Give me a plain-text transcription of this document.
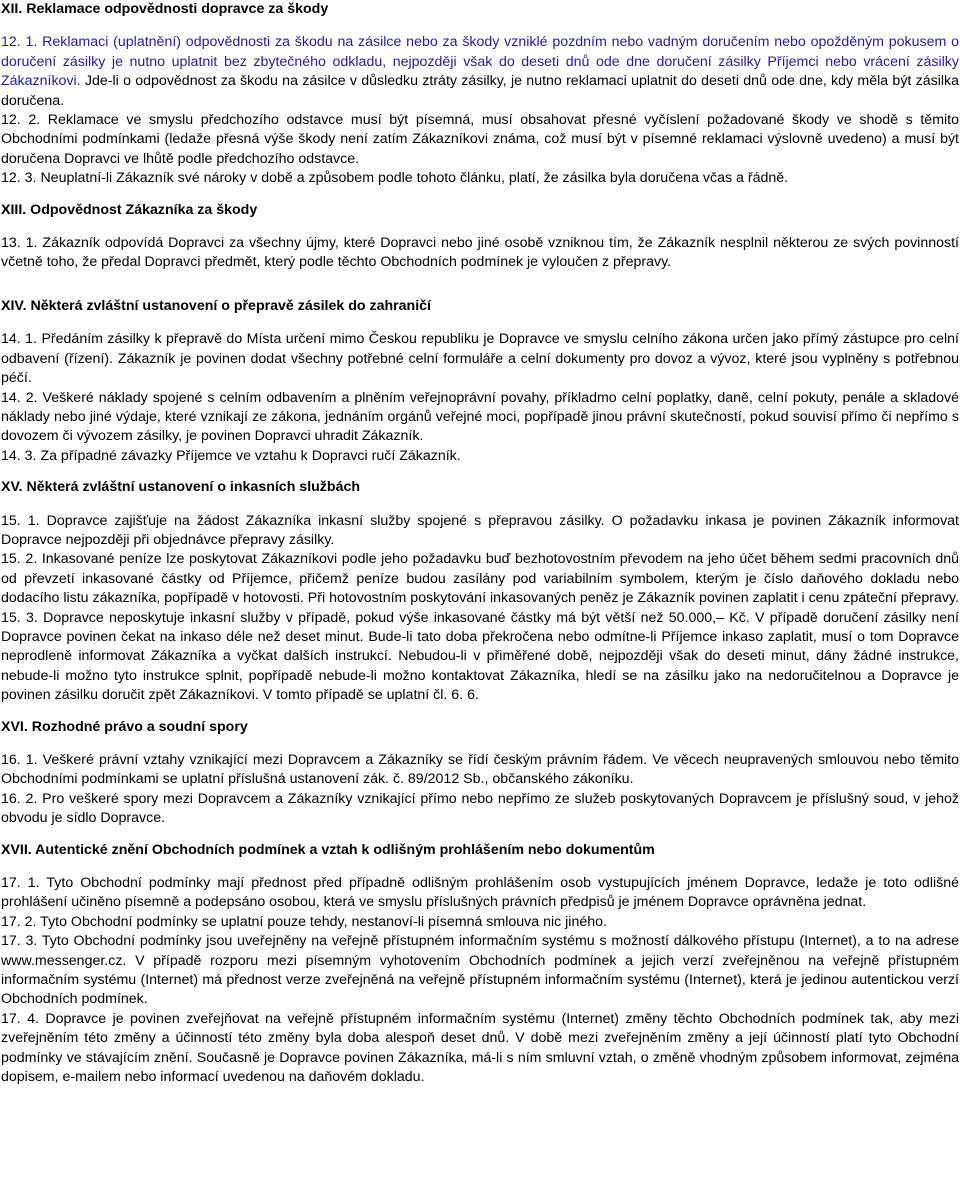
XII. Reklamace odpovědnosti dopravce za škody

12. 1. Reklamaci (uplatnění) odpovědnosti za škodu na zásilce nebo za škody vzniklé pozdním nebo vadným doručením nebo opožděným pokusem o doručení zásilky je nutno uplatnit bez zbytečného odkladu, nejpozději však do deseti dnů ode dne doručení zásilky Příjemci nebo vrácení zásilky Zákazníkovi. Jde-li o odpovědnost za škodu na zásilce v důsledku ztráty zásilky, je nutno reklamaci uplatnit do deseti dnů ode dne, kdy měla být zásilka doručena.

12. 2. Reklamace ve smyslu předchozího odstavce musí být písemná, musí obsahovat přesné vyčíslení požadované škody ve shodě s těmito Obchodními podmínkami (ledaže přesná výše škody není zatím Zákazníkovi známa, což musí být v písemné reklamaci výslovně uvedeno) a musí být doručena Dopravci ve lhůtě podle předchozího odstavce.

12. 3. Neuplatní-li Zákazník své nároky v době a způsobem podle tohoto článku, platí, že zásilka byla doručena včas a řádně.

XIII. Odpovědnost Zákazníka za škody

13. 1. Zákazník odpovídá Dopravci za všechny újmy, které Dopravci nebo jiné osobě vzniknou tím, že Zákazník nesplnil některou ze svých povinností včetně toho, že předal Dopravci předmět, který podle těchto Obchodních podmínek je vyloučen z přepravy.

XIV. Některá zvláštní ustanovení o přepravě zásilek do zahraničí

14. 1. Předáním zásilky k přepravě do Místa určení mimo Českou republiku je Dopravce ve smyslu celního zákona určen jako přímý zástupce pro celní odbavení (řízení). Zákazník je povinen dodat všechny potřebné celní formuláře a celní dokumenty pro dovoz a vývoz, které jsou vyplněny s potřebnou péčí.

14. 2. Veškeré náklady spojené s celním odbavením a plněním veřejnoprávní povahy, příkladmo celní poplatky, daně, celní pokuty, penále a skladové náklady nebo jiné výdaje, které vznikají ze zákona, jednáním orgánů veřejné moci, popřípadě jinou právní skutečností, pokud souvisí přímo či nepřímo s dovozem či vývozem zásilky, je povinen Dopravci uhradit Zákazník.

14. 3. Za případné závazky Příjemce ve vztahu k Dopravci ručí Zákazník.

XV. Některá zvláštní ustanovení o inkasních službách

15. 1. Dopravce zajišťuje na žádost Zákazníka inkasní služby spojené s přepravou zásilky. O požadavku inkasa je povinen Zákazník informovat Dopravce nejpozději při objednávce přepravy zásilky.

15. 2. Inkasované peníze lze poskytovat Zákazníkovi podle jeho požadavku buď bezhotovostním převodem na jeho účet během sedmi pracovních dnů od převzetí inkasované částky od Příjemce, přičemž peníze budou zasílány pod variabilním symbolem, kterým je číslo daňového dokladu nebo dodacího listu zákazníka, popřípadě v hotovosti. Při hotovostním poskytování inkasovaných peněz je Zákazník povinen zaplatit i cenu zpáteční přepravy.

15. 3. Dopravce neposkytuje inkasní služby v případě, pokud výše inkasované částky má být větší než 50.000,– Kč. V případě doručení zásilky není Dopravce povinen čekat na inkaso déle než deset minut. Bude-li tato doba překročena nebo odmítne-li Příjemce inkaso zaplatit, musí o tom Dopravce neprodleně informovat Zákazníka a vyčkat dalších instrukcí. Nebudou-li v přiměřené době, nejpozději však do deseti minut, dány žádné instrukce, nebude-li možno tyto instrukce splnit, popřípadě nebude-li možno kontaktovat Zákazníka, hledí se na zásilku jako na nedoručitelnou a Dopravce je povinen zásilku doručit zpět Zákazníkovi. V tomto případě se uplatní čl. 6. 6.

XVI. Rozhodné právo a soudní spory

16. 1. Veškeré právní vztahy vznikající mezi Dopravcem a Zákazníky se řídí českým právním řádem. Ve věcech neupravených smlouvou nebo těmito Obchodními podmínkami se uplatní příslušná ustanovení zák. č. 89/2012 Sb., občanského zákoníku.

16. 2. Pro veškeré spory mezi Dopravcem a Zákazníky vznikající přímo nebo nepřímo ze služeb poskytovaných Dopravcem je příslušný soud, v jehož obvodu je sídlo Dopravce.

XVII. Autentické znění Obchodních podmínek a vztah k odlišným prohlášením nebo dokumentům

17. 1. Tyto Obchodní podmínky mají přednost před případně odlišným prohlášením osob vystupujících jménem Dopravce, ledaže je toto odlišné prohlášení učiněno písemně a podepsáno osobou, která ve smyslu příslušných právních předpisů je jménem Dopravce oprávněna jednat.

17. 2. Tyto Obchodní podmínky se uplatní pouze tehdy, nestanoví-li písemná smlouva nic jiného.

17. 3. Tyto Obchodní podmínky jsou uveřejněny na veřejně přístupném informačním systému s možností dálkového přístupu (Internet), a to na adrese www.messenger.cz. V případě rozporu mezi písemným vyhotovením Obchodních podmínek a jejich verzí zveřejněnou na veřejně přístupném informačním systému (Internet) má přednost verze zveřejněná na veřejně přístupném informačním systému (Internet), která je jedinou autentickou verzí Obchodních podmínek.

17. 4. Dopravce je povinen zveřejňovat na veřejně přístupném informačním systému (Internet) změny těchto Obchodních podmínek tak, aby mezi zveřejněním této změny a účinností této změny byla doba alespoň deset dnů. V době mezi zveřejněním změny a její účinností platí tyto Obchodní podmínky ve stávajícím znění. Současně je Dopravce povinen Zákazníka, má-li s ním smluvní vztah, o změně vhodným způsobem informovat, zejména dopisem, e-mailem nebo informací uvedenou na daňovém dokladu.
